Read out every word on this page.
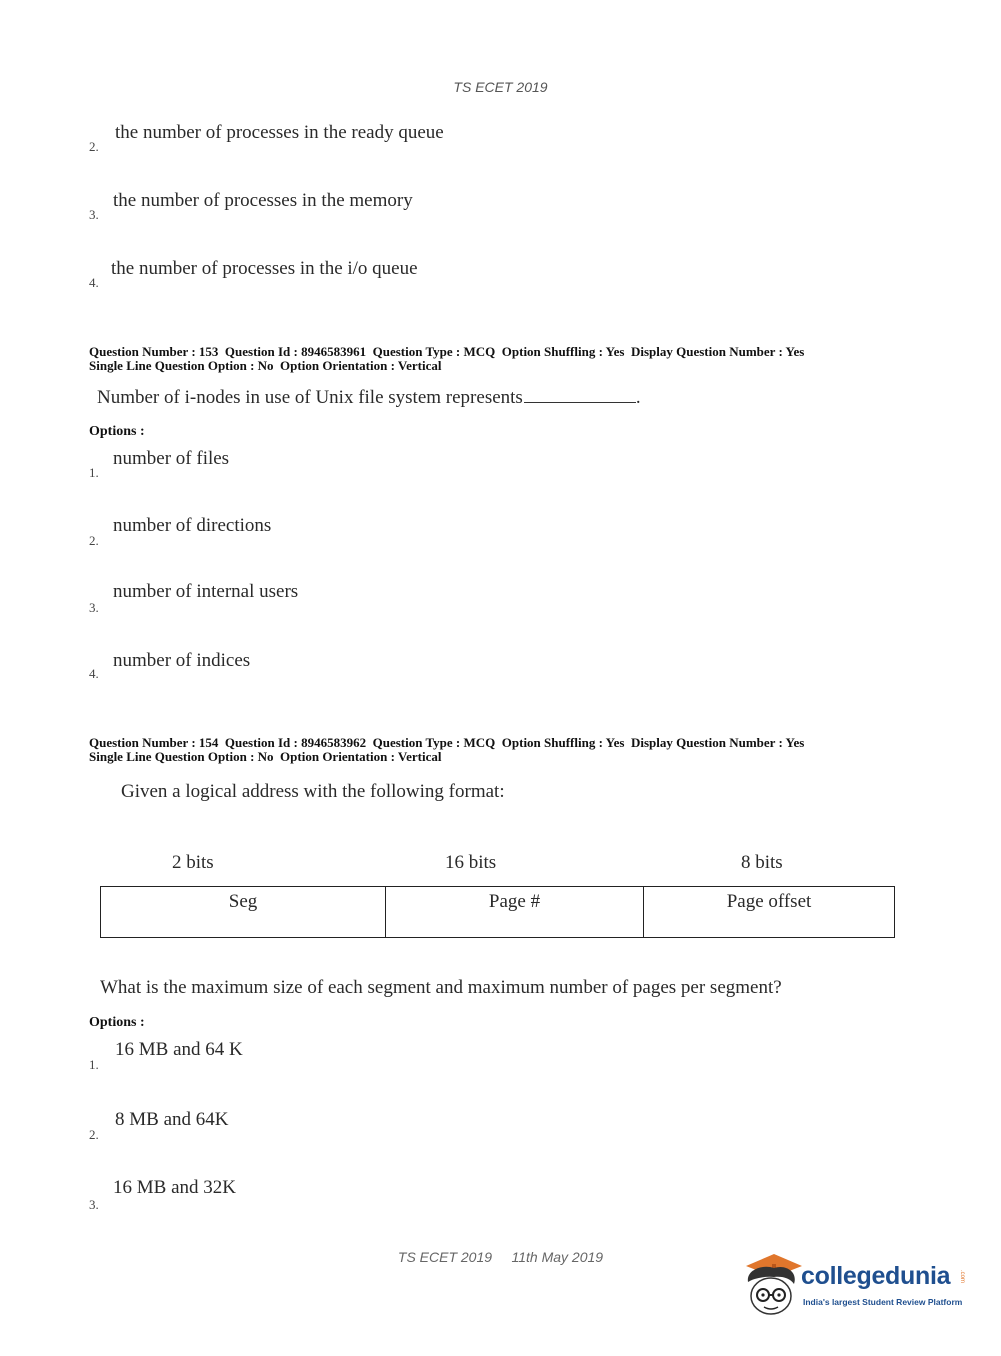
TS ECET 2019
the number of processes in the ready queue
2.
the number of processes in the memory
3.
the number of processes in the i/o queue
4.
Question Number : 153  Question Id : 8946583961  Question Type : MCQ  Option Shuffling : Yes  Display Question Number : Yes
Single Line Question Option : No  Option Orientation : Vertical
Number of i-nodes in use of Unix file system represents	.
Options :
number of files
1.
number of directions
2.
number of internal users
3.
number of indices
4.
Question Number : 154  Question Id : 8946583962  Question Type : MCQ  Option Shuffling : Yes  Display Question Number : Yes
Single Line Question Option : No  Option Orientation : Vertical
Given a logical address with the following format:
2 bits	16 bits	8 bits
Seg	Page #	Page offset
What is the maximum size of each segment and maximum number of pages per segment?
Options :
16 MB and 64 K
1.
8 MB and 64K
2.
16 MB and 32K
3.
TS ECET 2019 11th May 2019
collegedunia .com
India's largest Student Review Platform
